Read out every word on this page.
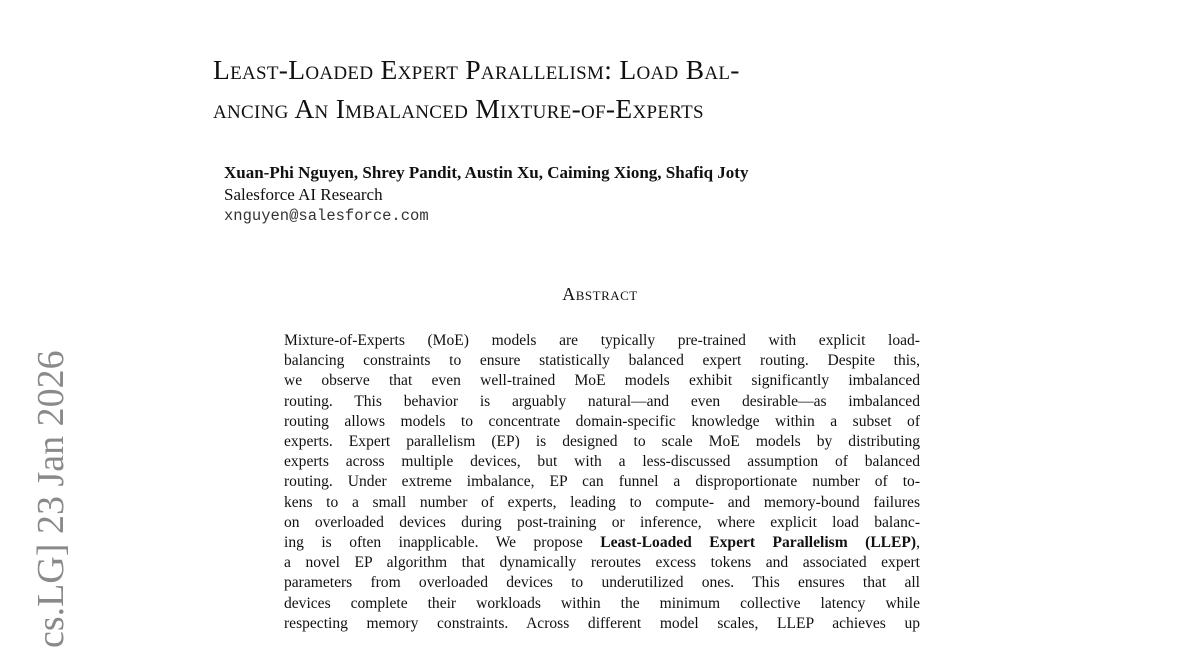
Least-Loaded Expert Parallelism: Load Bal-
ancing An Imbalanced Mixture-of-Experts
Xuan-Phi Nguyen, Shrey Pandit, Austin Xu, Caiming Xiong, Shafiq Joty
Salesforce AI Research
xnguyen@salesforce.com
Abstract
Mixture-of-Experts (MoE) models are typically pre-trained with explicit load-
balancing constraints to ensure statistically balanced expert routing. Despite this,
we observe that even well-trained MoE models exhibit significantly imbalanced
routing. This behavior is arguably natural—and even desirable—as imbalanced
routing allows models to concentrate domain-specific knowledge within a subset of
experts. Expert parallelism (EP) is designed to scale MoE models by distributing
experts across multiple devices, but with a less-discussed assumption of balanced
routing. Under extreme imbalance, EP can funnel a disproportionate number of to-
kens to a small number of experts, leading to compute- and memory-bound failures
on overloaded devices during post-training or inference, where explicit load balanc-
ing is often inapplicable. We propose Least-Loaded Expert Parallelism (LLEP),
a novel EP algorithm that dynamically reroutes excess tokens and associated expert
parameters from overloaded devices to underutilized ones. This ensures that all
devices complete their workloads within the minimum collective latency while
respecting memory constraints. Across different model scales, LLEP achieves up
cs.LG] 23 Jan 2026
